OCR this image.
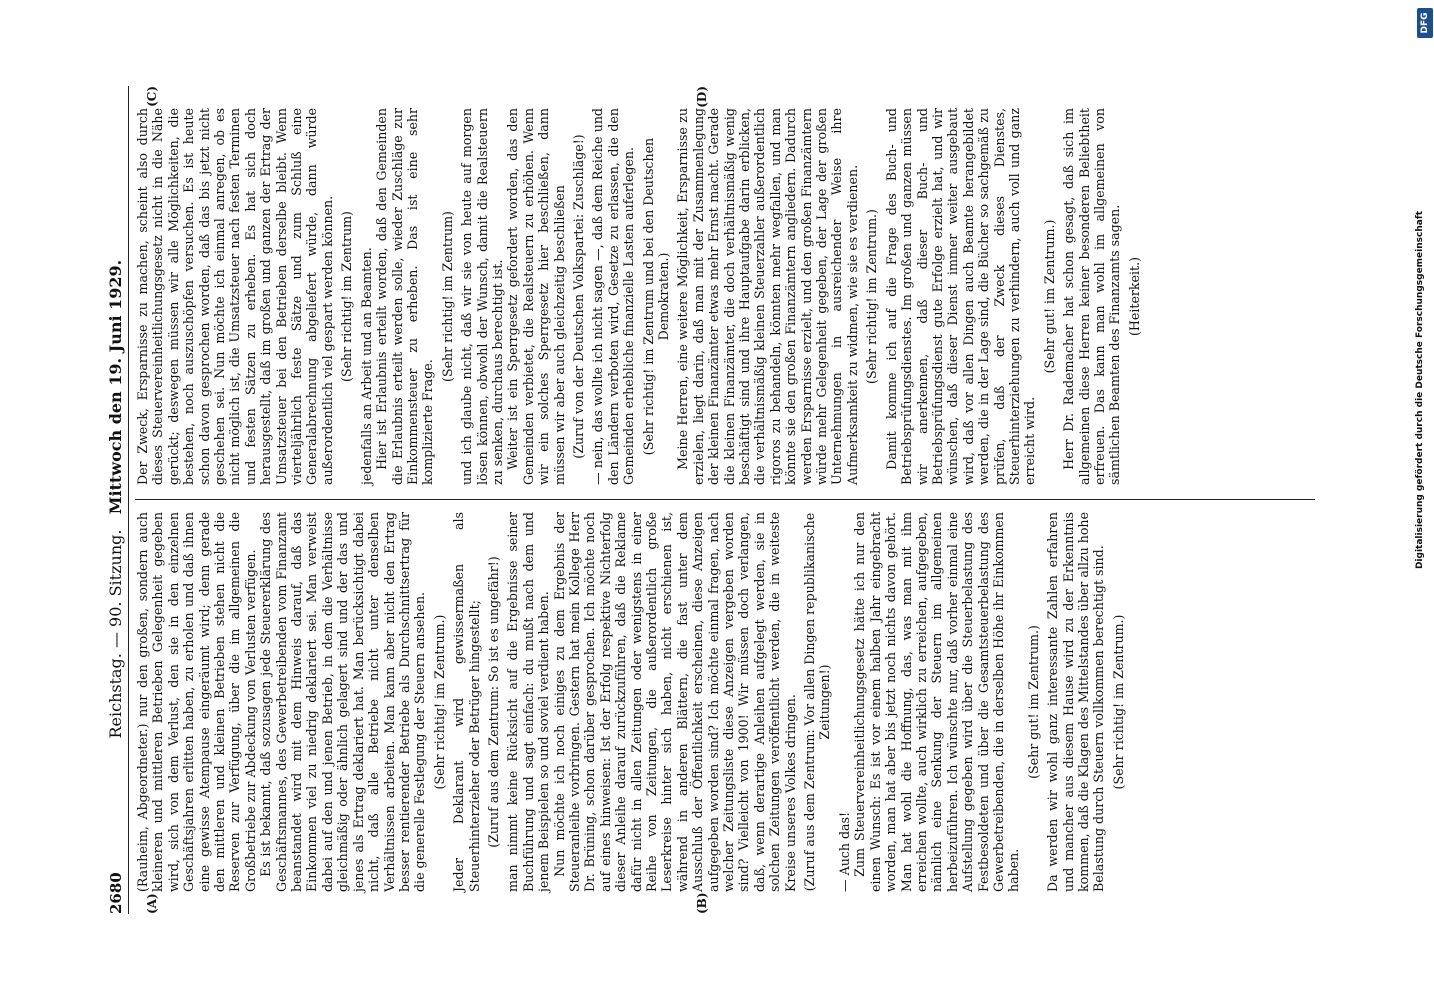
2680
Reichstag. — 90. Sitzung.   Mittwoch den 19. Juni 1929.
(A)	(B)

(Rauheim, Abgeordneter.) nur den großen, sondern auch kleineren und mittleren Betrieben Gelegenheit gegeben wird, sich von dem Verlust, den sie in den einzelnen Geschäftsjahren erlitten haben, zu erholen und daß ihnen eine gewisse Atempause eingeräumt wird; denn gerade den mittleren und kleinen Betrieben stehen nicht die Reserven zur Verfügung, über die im allgemeinen die Großbetriebe zur Abdeckung von Verlusten verfügen. Es ist bekannt, daß sozusagen jede Steuererklärung des Geschäftsmannes, des Gewerbetreibenden vom Finanzamt beanstandet wird mit dem Hinweis darauf, daß das Einkommen viel zu niedrig deklariert sei. Man verweist dabei auf den und jenen Betrieb, in dem die Verhältnisse gleichmäßig oder ähnlich gelagert sind und der das und jenes als Ertrag deklariert hat. Man berücksichtigt dabei nicht, daß alle Betriebe nicht unter denselben Verhältnissen arbeiten. Man kann aber nicht den Ertrag besser rentierender Betriebe als Durchschnittsertrag für die generelle Festlegung der Steuern ansehen. (Sehr richtig! im Zentrum.) Jeder Deklarant wird gewissermaßen als Steuerhinterzieher oder Betrüger hingestellt; (Zuruf aus dem Zentrum: So ist es ungefähr!) man nimmt keine Rücksicht auf die Ergebnisse seiner Buchführung und sagt einfach: du mußt nach dem und jenem Beispielen so und soviel verdient haben. Nun möchte ich noch einiges zu dem Ergebnis der Steueranleihe vorbringen. Gestern hat mein Kollege Herr Dr. Brüning, schon darüber gesprochen. Ich möchte noch auf eines hinweisen: Ist der Erfolg respektive Nichterfolg dieser Anleihe darauf zurückzuführen, daß die Reklame dafür nicht in allen Zeitungen oder wenigstens in einer Reihe von Zeitungen, die außerordentlich große Leserkreise hinter sich haben, nicht erschienen ist, während in anderen Blättern, die fast unter dem Ausschluß der Öffentlichkeit erscheinen, diese Anzeigen aufgegeben worden sind? Ich möchte einmal fragen, nach welcher Zeitungsliste diese Anzeigen vergeben worden sind? Vielleicht von 1900! Wir müssen doch verlangen, daß, wenn derartige Anleihen aufgelegt werden, sie in solchen Zeitungen veröffentlicht werden, die in weiteste Kreise unseres Volkes dringen. (Zuruf aus dem Zentrum: Vor allen Dingen republikanische Zeitungen!)

— Auch das! Zum Steuervereinheitlichungsgesetz hätte ich nur den einen Wunsch: Es ist vor einem halben Jahr eingebracht worden, man hat aber bis jetzt noch nichts davon gehört. Man hat wohl die Hoffnung, das, was man mit ihm erreichen wollte, auch wirklich zu erreichen, aufgegeben, nämlich eine Senkung der Steuern im allgemeinen herbeizuführen. Ich wünschte nur, daß vorher einmal eine Aufstellung gegeben wird über die Steuerbelastung des Festbesoldeten und über die Gesamtsteuerbelastung des Gewerbetreibenden, die in derselben Höhe ihr Einkommen haben.

(Sehr gut! im Zentrum.) Da werden wir wohl ganz interessante Zahlen erfahren und mancher aus diesem Hause wird zu der Erkenntnis kommen, daß die Klagen des Mittelstandes über allzu hohe Belastung durch Steuern vollkommen berechtigt sind. (Sehr richtig! im Zentrum.)

(C)	(D)

Der Zweck, Ersparnisse zu machen, scheint also durch dieses Steuervereinheitlichungsgesetz nicht in die Nähe gerückt; deswegen müssen wir alle Möglichkeiten, die bestehen, noch auszuschöpfen versuchen. Es ist heute schon davon gesprochen worden, daß das bis jetzt nicht geschehen sei. Nun möchte ich einmal anregen, ob es nicht möglich ist, die Umsatzsteuer nach festen Terminen und festen Sätzen zu erheben. Es hat sich doch herausgestellt, daß im großen und ganzen der Ertrag der Umsatzsteuer bei den Betrieben derselbe bleibt. Wenn vierteljährlich feste Sätze und zum Schluß eine Generalabrechnung abgeliefert würde, dann würde außerordentlich viel gespart werden können. (Sehr richtig! im Zentrum) jedenfalls an Arbeit und an Beamten. Hier ist Erlaubnis erteilt worden, daß den Gemeinden die Erlaubnis erteilt werden solle, wieder Zuschläge zur Einkommensteuer zu erheben. Das ist eine sehr komplizierte Frage.

(Sehr richtig! im Zentrum) und ich glaube nicht, daß wir sie von heute auf morgen lösen können, obwohl der Wunsch, damit die Realsteuern zu senken, durchaus berechtigt ist. Weiter ist ein Sperrgesetz gefordert worden, das den Gemeinden verbietet, die Realsteuern zu erhöhen. Wenn wir ein solches Sperrgesetz hier beschließen, dann müssen wir aber auch gleichzeitig beschließen (Zuruf von der Deutschen Volkspartei: Zuschläge!) — nein, das wollte ich nicht sagen —, daß dem Reiche und den Ländern verboten wird, Gesetze zu erlassen, die den Gemeinden erhebliche finanzielle Lasten auferlegen. (Sehr richtig! im Zentrum und bei den Deutschen Demokraten.) Meine Herren, eine weitere Möglichkeit, Ersparnisse zu erzielen, liegt darin, daß man mit der Zusammenlegung der kleinen Finanzämter etwas mehr Ernst macht. Gerade die kleinen Finanzämter, die doch verhältnismäßig wenig beschäftigt sind und ihre Hauptaufgabe darin erblicken, die verhältnismäßig kleinen Steuerzahler außerordentlich rigoros zu behandeln, könnten mehr wegfallen, und man könnte sie den großen Finanzämtern angliedern. Dadurch werden Ersparnisse erzielt, und den großen Finanzämtern würde mehr Gelegenheit gegeben, der Lage der großen Unternehmungen in ausreichender Weise ihre Aufmerksamkeit zu widmen, wie sie es verdienen. (Sehr richtig! im Zentrum.) Damit komme ich auf die Frage des Buch- und Betriebsprüfungsdienstes. Im großen und ganzen müssen wir anerkennen, daß dieser Buch- und Betriebsprüfungsdienst gute Erfolge erzielt hat, und wir wünschen, daß dieser Dienst immer weiter ausgebaut wird, daß vor allen Dingen auch Beamte herangebildet werden, die in der Lage sind, die Bücher so sachgemäß zu prüfen, daß der Zweck dieses Dienstes, Steuerhinterziehungen zu verhindern, auch voll und ganz erreicht wird.

(Sehr gut! im Zentrum.) Herr Dr. Rademacher hat schon gesagt, daß sich im allgemeinen diese Herren keiner besonderen Beliebtheit erfreuen. Das kann man wohl im allgemeinen von sämtlichen Beamten des Finanzamts sagen. (Heiterkeit.)

DFG
Digitalisierung gefördert durch die Deutsche Forschungsgemeinschaft
